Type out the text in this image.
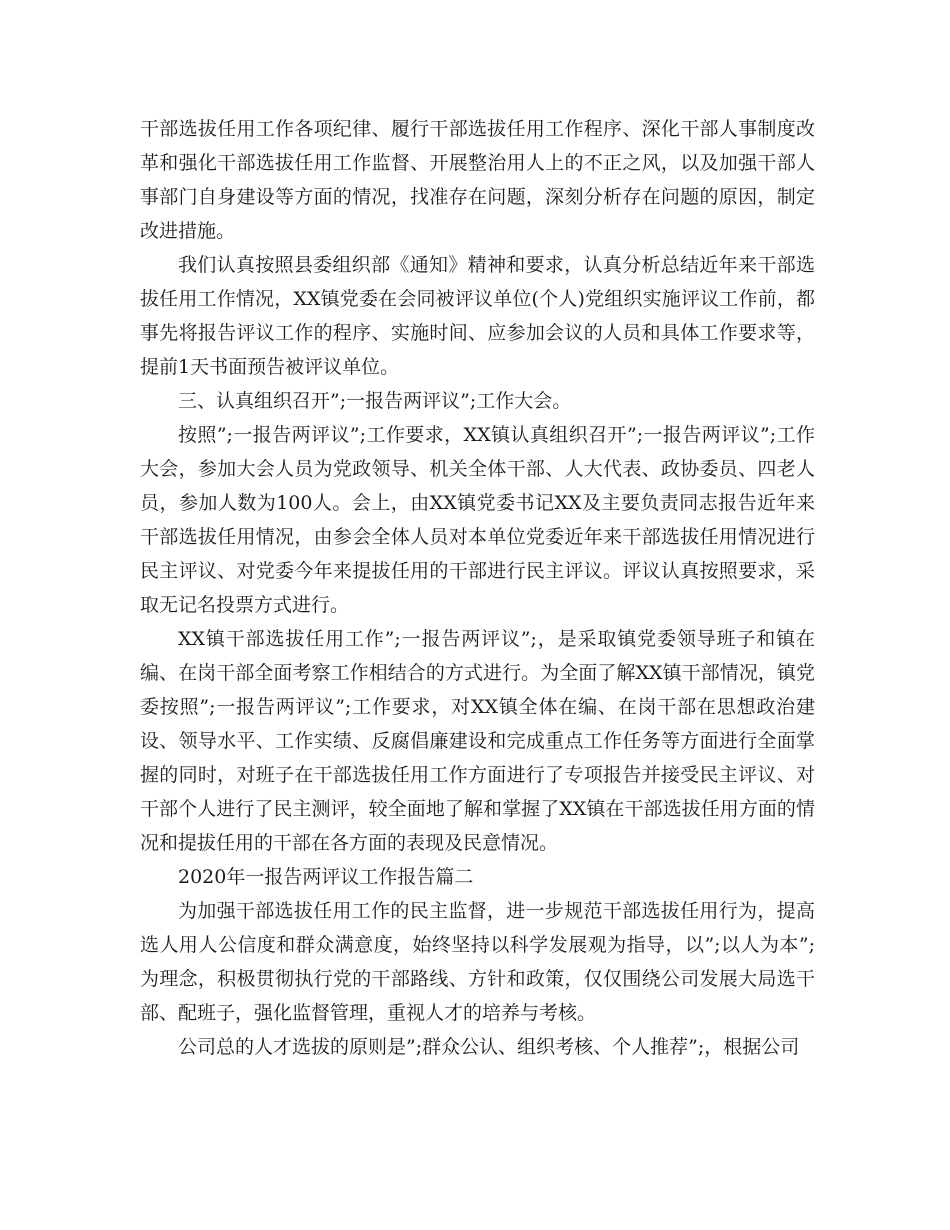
干部选拔任用工作各项纪律、履行干部选拔任用工作程序、深化干部人事制度改革和强化干部选拔任用工作监督、开展整治用人上的不正之风，以及加强干部人事部门自身建设等方面的情况，找准存在问题，深刻分析存在问题的原因，制定改进措施。

我们认真按照县委组织部《通知》精神和要求，认真分析总结近年来干部选拔任用工作情况，XX镇党委在会同被评议单位(个人)党组织实施评议工作前，都事先将报告评议工作的程序、实施时间、应参加会议的人员和具体工作要求等，提前1天书面预告被评议单位。

三、认真组织召开”;一报告两评议”;工作大会。

按照”;一报告两评议”;工作要求，XX镇认真组织召开”;一报告两评议”;工作大会，参加大会人员为党政领导、机关全体干部、人大代表、政协委员、四老人员，参加人数为100人。会上，由XX镇党委书记XX及主要负责同志报告近年来干部选拔任用情况，由参会全体人员对本单位党委近年来干部选拔任用情况进行民主评议、对党委今年来提拔任用的干部进行民主评议。评议认真按照要求，采取无记名投票方式进行。

XX镇干部选拔任用工作”;一报告两评议”;，是采取镇党委领导班子和镇在编、在岗干部全面考察工作相结合的方式进行。为全面了解XX镇干部情况，镇党委按照”;一报告两评议”;工作要求，对XX镇全体在编、在岗干部在思想政治建设、领导水平、工作实绩、反腐倡廉建设和完成重点工作任务等方面进行全面掌握的同时，对班子在干部选拔任用工作方面进行了专项报告并接受民主评议、对干部个人进行了民主测评，较全面地了解和掌握了XX镇在干部选拔任用方面的情况和提拔任用的干部在各方面的表现及民意情况。

2020年一报告两评议工作报告篇二

为加强干部选拔任用工作的民主监督，进一步规范干部选拔任用行为，提高选人用人公信度和群众满意度，始终坚持以科学发展观为指导，以”;以人为本”;为理念，积极贯彻执行党的干部路线、方针和政策，仅仅围绕公司发展大局选干部、配班子，强化监督管理，重视人才的培养与考核。

公司总的人才选拔的原则是”;群众公认、组织考核、个人推荐”;，根据公司
